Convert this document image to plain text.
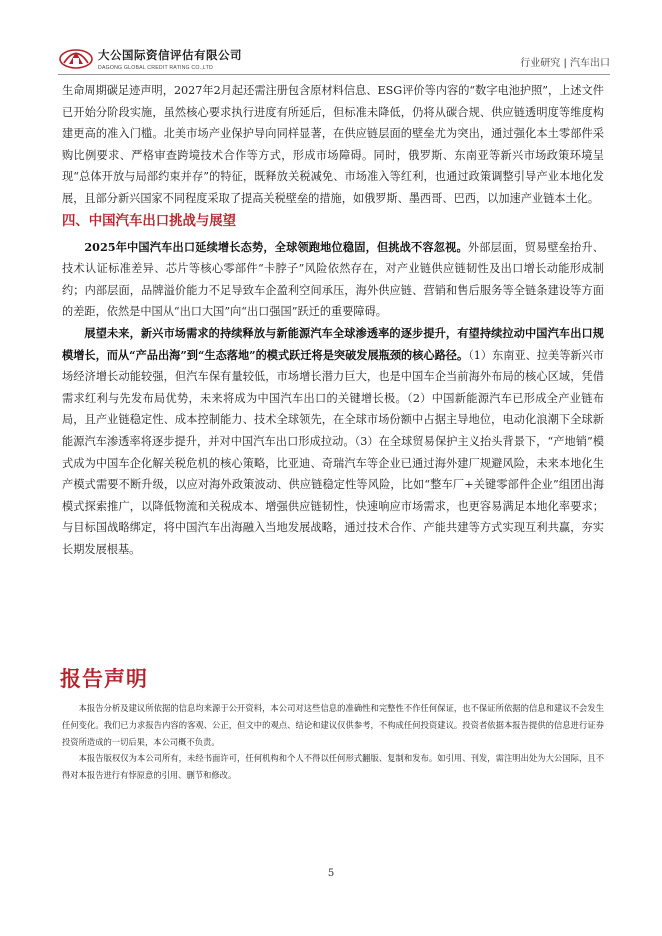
大公国际资信评估有限公司
DAGONG GLOBAL CREDIT RATING CO.,LTD	行业研究 | 汽车出口

生命周期碳足迹声明，2027年2月起还需注册包含原材料信息、ESG评价等内容的“数字电池护照”，上述文件已开始分阶段实施，虽然核心要求执行进度有所延后，但标准未降低，仍将从碳合规、供应链透明度等维度构建更高的准入门槛。北美市场产业保护导向同样显著，在供应链层面的壁垒尤为突出，通过强化本土零部件采购比例要求、严格审查跨境技术合作等方式，形成市场障碍。同时，俄罗斯、东南亚等新兴市场政策环境呈现“总体开放与局部约束并存”的特征，既释放关税减免、市场准入等红利，也通过政策调整引导产业本地化发展，且部分新兴国家不同程度采取了提高关税壁垒的措施，如俄罗斯、墨西哥、巴西，以加速产业链本土化。

四、中国汽车出口挑战与展望

2025年中国汽车出口延续增长态势，全球领跑地位稳固，但挑战不容忽视。外部层面，贸易壁垒抬升、技术认证标准差异、芯片等核心零部件“卡脖子”风险依然存在，对产业链供应链韧性及出口增长动能形成制约；内部层面，品牌溢价能力不足导致车企盈利空间承压，海外供应链、营销和售后服务等全链条建设等方面的差距，依然是中国从“出口大国”向“出口强国”跃迁的重要障碍。

展望未来，新兴市场需求的持续释放与新能源汽车全球渗透率的逐步提升，有望持续拉动中国汽车出口规模增长，而从“产品出海”到“生态落地”的模式跃迁将是突破发展瓶颈的核心路径。（1）东南亚、拉美等新兴市场经济增长动能较强，但汽车保有量较低，市场增长潜力巨大，也是中国车企当前海外布局的核心区域，凭借需求红利与先发布局优势，未来将成为中国汽车出口的关键增长极。（2）中国新能源汽车已形成全产业链布局，且产业链稳定性、成本控制能力、技术全球领先，在全球市场份额中占据主导地位，电动化浪潮下全球新能源汽车渗透率将逐步提升，并对中国汽车出口形成拉动。（3）在全球贸易保护主义抬头背景下，“产地销”模式成为中国车企化解关税危机的核心策略，比亚迪、奇瑞汽车等企业已通过海外建厂规避风险，未来本地化生产模式需要不断升级，以应对海外政策波动、供应链稳定性等风险，比如“整车厂+关键零部件企业”组团出海模式探索推广，以降低物流和关税成本、增强供应链韧性，快速响应市场需求，也更容易满足本地化率要求；与目标国战略绑定，将中国汽车出海融入当地发展战略，通过技术合作、产能共建等方式实现互利共赢，夯实长期发展根基。

报告声明

本报告分析及建议所依据的信息均来源于公开资料，本公司对这些信息的准确性和完整性不作任何保证，也不保证所依据的信息和建议不会发生任何变化。我们已力求报告内容的客观、公正，但文中的观点、结论和建议仅供参考，不构成任何投资建议。投资者依据本报告提供的信息进行证券投资所造成的一切后果，本公司概不负责。

本报告版权仅为本公司所有，未经书面许可，任何机构和个人不得以任何形式翻版、复制和发布。如引用、刊发，需注明出处为大公国际，且不得对本报告进行有悖原意的引用、删节和修改。

5
